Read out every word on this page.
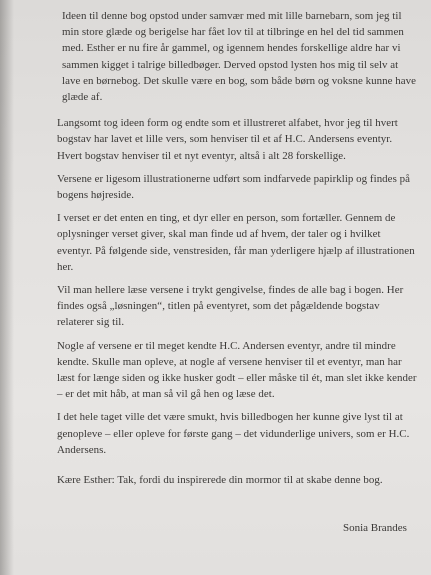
Ideen til denne bog opstod under samvær med mit lille barnebarn, som jeg til min store glæde og berigelse har fået lov til at tilbringe en hel del tid sammen med. Esther er nu fire år gammel, og igennem hendes forskellige aldre har vi sammen kigget i talrige billedbøger. Derved opstod lysten hos mig til selv at lave en børnebog. Det skulle være en bog, som både børn og voksne kunne have glæde af.

Langsomt tog ideen form og endte som et illustreret alfabet, hvor jeg til hvert bogstav har lavet et lille vers, som henviser til et af H.C. Andersens eventyr. Hvert bogstav henviser til et nyt eventyr, altså i alt 28 forskellige.

Versene er ligesom illustrationerne udført som indfarvede papirklip og findes på bogens højreside.

I verset er det enten en ting, et dyr eller en person, som fortæller. Gennem de oplysninger verset giver, skal man finde ud af hvem, der taler og i hvilket eventyr. På følgende side, venstresiden, får man yderligere hjælp af illustrationen her.

Vil man hellere læse versene i trykt gengivelse, findes de alle bag i bogen. Her findes også „løsningen“, titlen på eventyret, som det pågældende bogstav relaterer sig til.

Nogle af versene er til meget kendte H.C. Andersen eventyr, andre til mindre kendte. Skulle man opleve, at nogle af versene henviser til et eventyr, man har læst for længe siden og ikke husker godt – eller måske til ét, man slet ikke kender – er det mit håb, at man så vil gå hen og læse det.

I det hele taget ville det være smukt, hvis billedbogen her kunne give lyst til at genopleve – eller opleve for første gang – det vidunderlige univers, som er H.C. Andersens.

Kære Esther: Tak, fordi du inspirerede din mormor til at skabe denne bog.

Sonia Brandes
